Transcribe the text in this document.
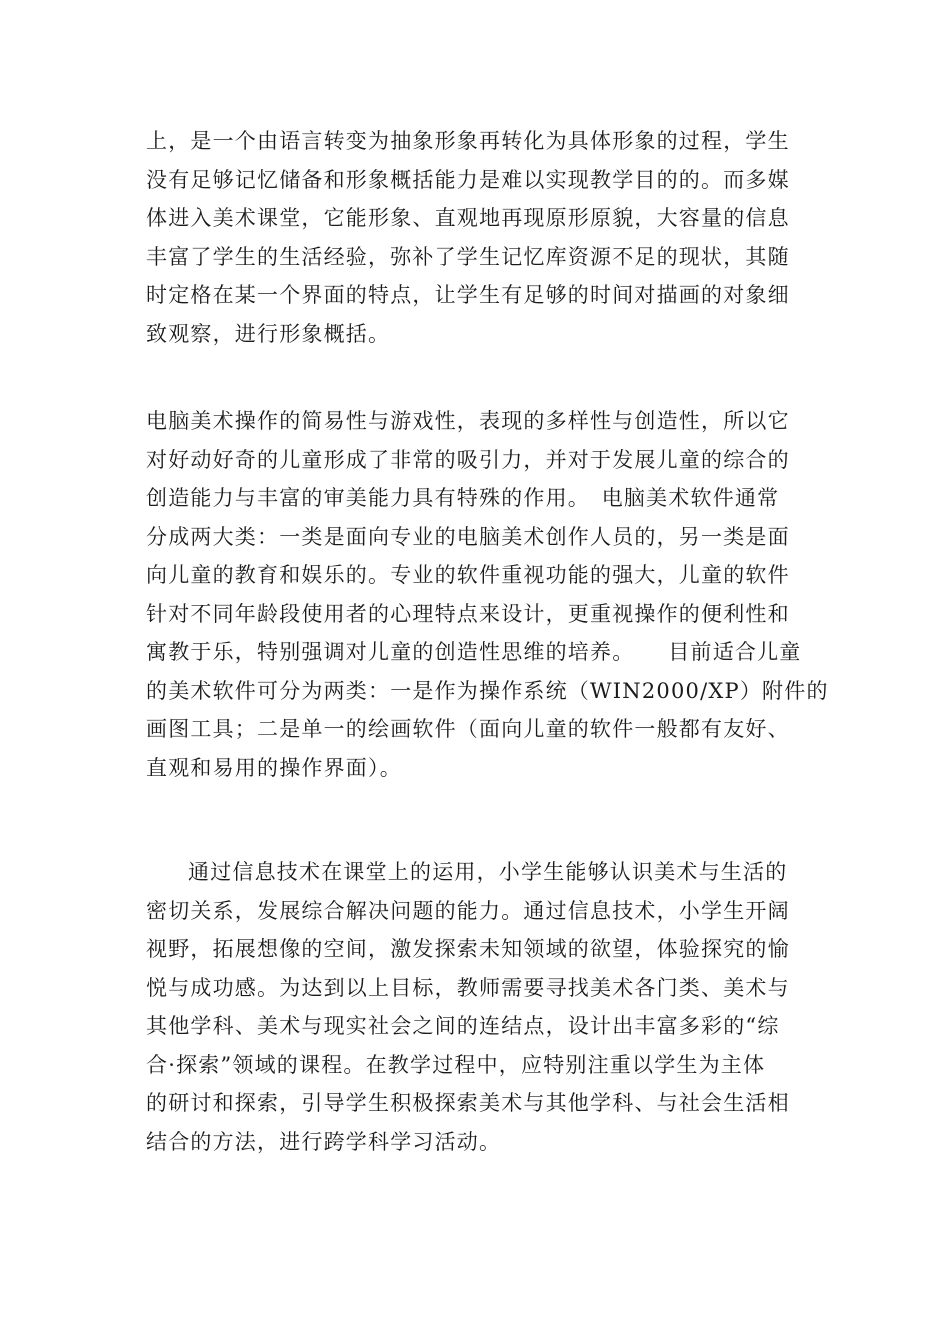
上，是一个由语言转变为抽象形象再转化为具体形象的过程，学生
没有足够记忆储备和形象概括能力是难以实现教学目的的。而多媒
体进入美术课堂，它能形象、直观地再现原形原貌，大容量的信息
丰富了学生的生活经验，弥补了学生记忆库资源不足的现状，其随
时定格在某一个界面的特点，让学生有足够的时间对描画的对象细
致观察，进行形象概括。
电脑美术操作的简易性与游戏性，表现的多样性与创造性，所以它
对好动好奇的儿童形成了非常的吸引力，并对于发展儿童的综合的
创造能力与丰富的审美能力具有特殊的作用。　电脑美术软件通常
分成两大类：一类是面向专业的电脑美术创作人员的，另一类是面
向儿童的教育和娱乐的。专业的软件重视功能的强大，儿童的软件
针对不同年龄段使用者的心理特点来设计，更重视操作的便利性和
寓教于乐，特别强调对儿童的创造性思维的培养。　　目前适合儿童
的美术软件可分为两类：一是作为操作系统（WIN2000/XP）附件的
画图工具；二是单一的绘画软件（面向儿童的软件一般都有友好、
直观和易用的操作界面）。
通过信息技术在课堂上的运用，小学生能够认识美术与生活的
密切关系，发展综合解决问题的能力。通过信息技术，小学生开阔
视野，拓展想像的空间，激发探索未知领域的欲望，体验探究的愉
悦与成功感。为达到以上目标，教师需要寻找美术各门类、美术与
其他学科、美术与现实社会之间的连结点，设计出丰富多彩的“综
合·探索”领域的课程。在教学过程中，应特别注重以学生为主体
的研讨和探索，引导学生积极探索美术与其他学科、与社会生活相
结合的方法，进行跨学科学习活动。
